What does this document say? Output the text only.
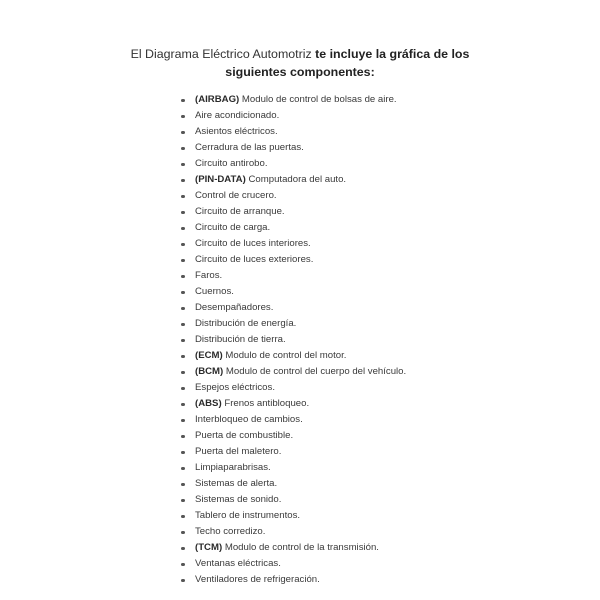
El Diagrama Eléctrico Automotriz te incluye la gráfica de los siguientes componentes:
(AIRBAG) Modulo de control de bolsas de aire.
Aire acondicionado.
Asientos eléctricos.
Cerradura de las puertas.
Circuito antirobo.
(PIN-DATA) Computadora del auto.
Control de crucero.
Circuito de arranque.
Circuito de carga.
Circuito de luces interiores.
Circuito de luces exteriores.
Faros.
Cuernos.
Desempañadores.
Distribución de energía.
Distribución de tierra.
(ECM) Modulo de control del motor.
(BCM) Modulo de control del cuerpo del vehículo.
Espejos eléctricos.
(ABS) Frenos antibloqueo.
Interbloqueo de cambios.
Puerta de combustible.
Puerta del maletero.
Limpiaparabrisas.
Sistemas de alerta.
Sistemas de sonido.
Tablero de instrumentos.
Techo corredizo.
(TCM) Modulo de control de la transmisión.
Ventanas eléctricas.
Ventiladores de refrigeración.
